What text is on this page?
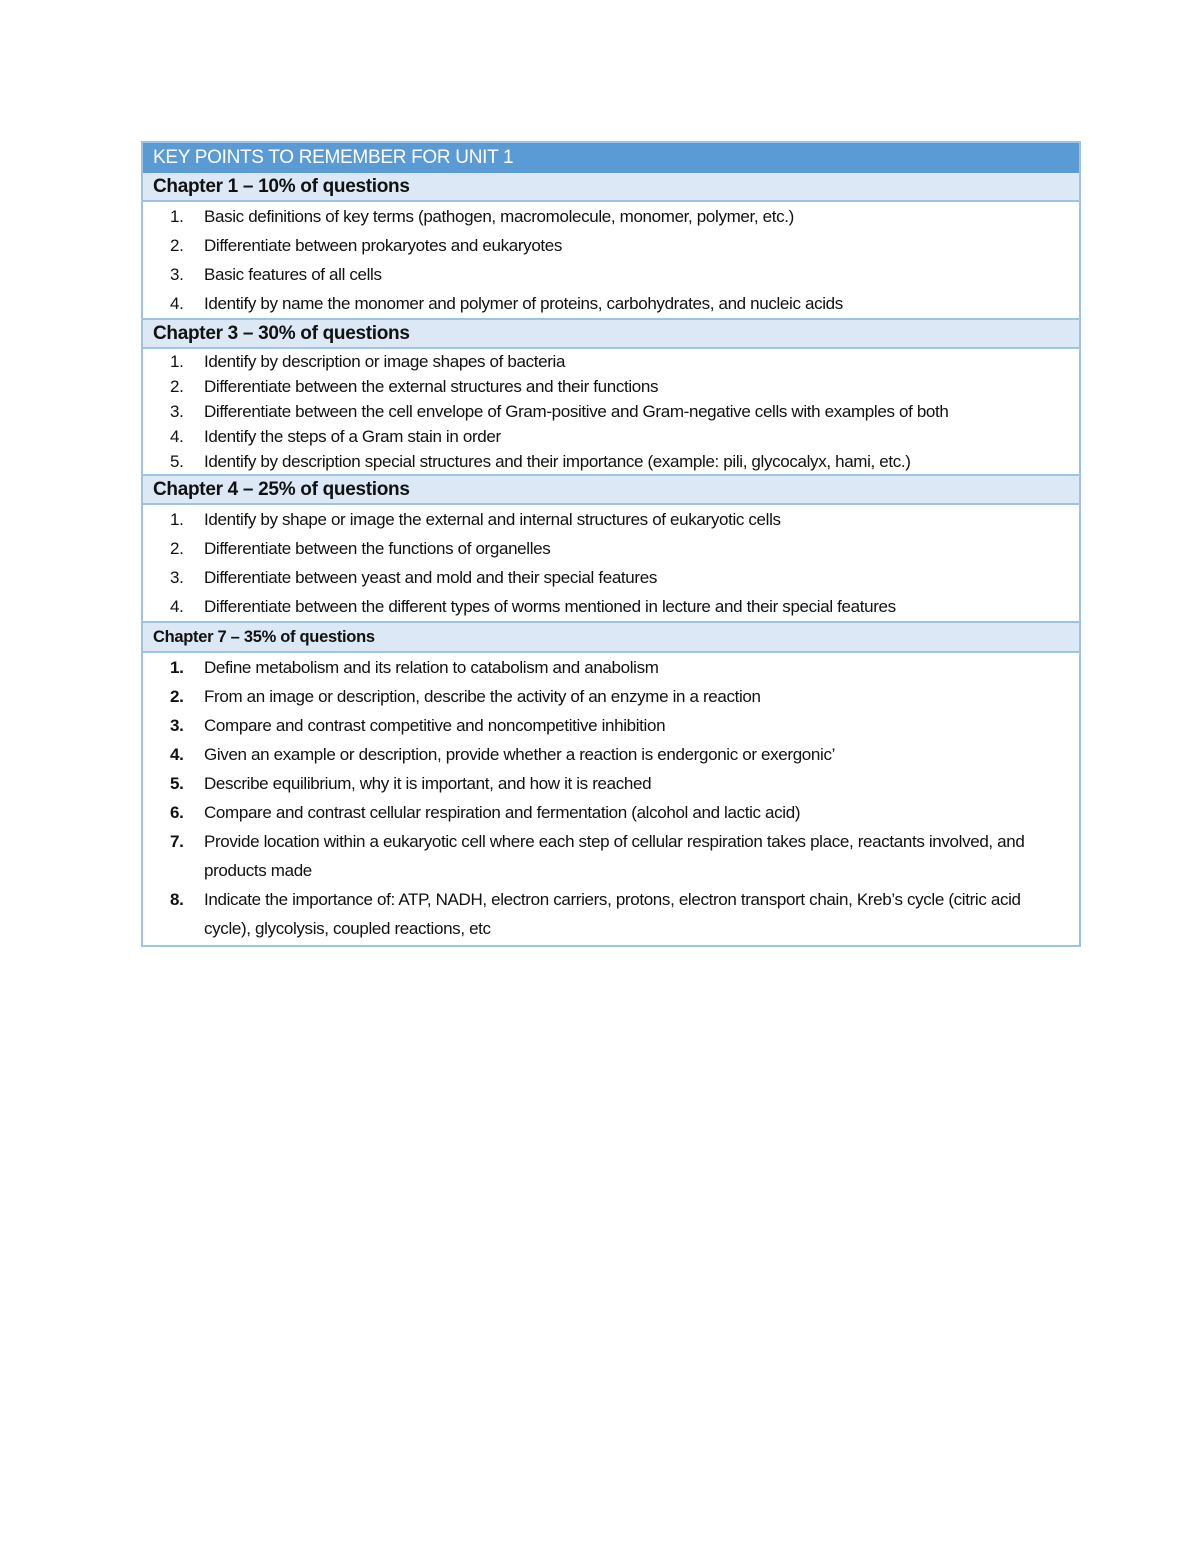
KEY POINTS TO REMEMBER FOR UNIT 1
Chapter 1 – 10% of questions
1.	Basic definitions of key terms (pathogen, macromolecule, monomer, polymer, etc.)
2.	Differentiate between prokaryotes and eukaryotes
3.	Basic features of all cells
4.	Identify by name the monomer and polymer of proteins, carbohydrates, and nucleic acids
Chapter 3 – 30% of questions
1.	Identify by description or image shapes of bacteria
2.	Differentiate between the external structures and their functions
3.	Differentiate between the cell envelope of Gram-positive and Gram-negative cells with examples of both
4.	Identify the steps of a Gram stain in order
5.	Identify by description special structures and their importance (example: pili, glycocalyx, hami, etc.)
Chapter 4 – 25% of questions
1.	Identify by shape or image the external and internal structures of eukaryotic cells
2.	Differentiate between the functions of organelles
3.	Differentiate between yeast and mold and their special features
4.	Differentiate between the different types of worms mentioned in lecture and their special features
Chapter 7 – 35% of questions
1.	Define metabolism and its relation to catabolism and anabolism
2.	From an image or description, describe the activity of an enzyme in a reaction
3.	Compare and contrast competitive and noncompetitive inhibition
4.	Given an example or description, provide whether a reaction is endergonic or exergonic’
5.	Describe equilibrium, why it is important, and how it is reached
6.	Compare and contrast cellular respiration and fermentation (alcohol and lactic acid)
7.	Provide location within a eukaryotic cell where each step of cellular respiration takes place, reactants involved, and products made
8.	Indicate the importance of: ATP, NADH, electron carriers, protons, electron transport chain, Kreb’s cycle (citric acid cycle), glycolysis, coupled reactions, etc
